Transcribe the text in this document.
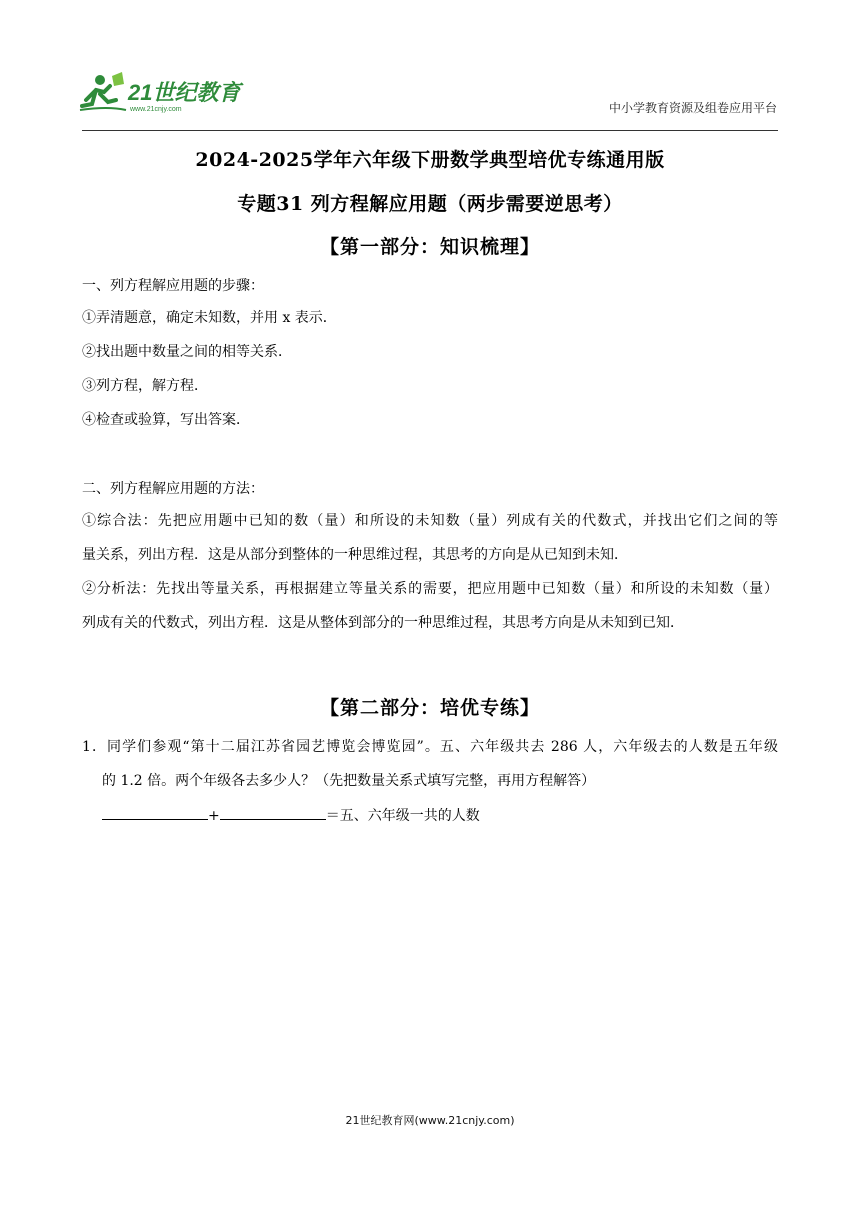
21世纪教育
www.21cnjy.com	中小学教育资源及组卷应用平台
2024-2025学年六年级下册数学典型培优专练通用版
专题31 列方程解应用题（两步需要逆思考）
【第一部分：知识梳理】
一、列方程解应用题的步骤：
①弄清题意，确定未知数，并用 x 表示．
②找出题中数量之间的相等关系．
③列方程，解方程．
④检查或验算，写出答案．
二、列方程解应用题的方法：
①综合法：先把应用题中已知的数（量）和所设的未知数（量）列成有关的代数式，并找出它们之间的等
量关系，列出方程．这是从部分到整体的一种思维过程，其思考的方向是从已知到未知．
②分析法：先找出等量关系，再根据建立等量关系的需要，把应用题中已知数（量）和所设的未知数（量）
列成有关的代数式，列出方程．这是从整体到部分的一种思维过程，其思考方向是从未知到已知．
【第二部分：培优专练】
1．同学们参观“第十二届江苏省园艺博览会博览园”。五、六年级共去 286 人，六年级去的人数是五年级
的 1.2 倍。两个年级各去多少人？（先把数量关系式填写完整，再用方程解答）
+	＝五、六年级一共的人数
21世纪教育网(www.21cnjy.com)
